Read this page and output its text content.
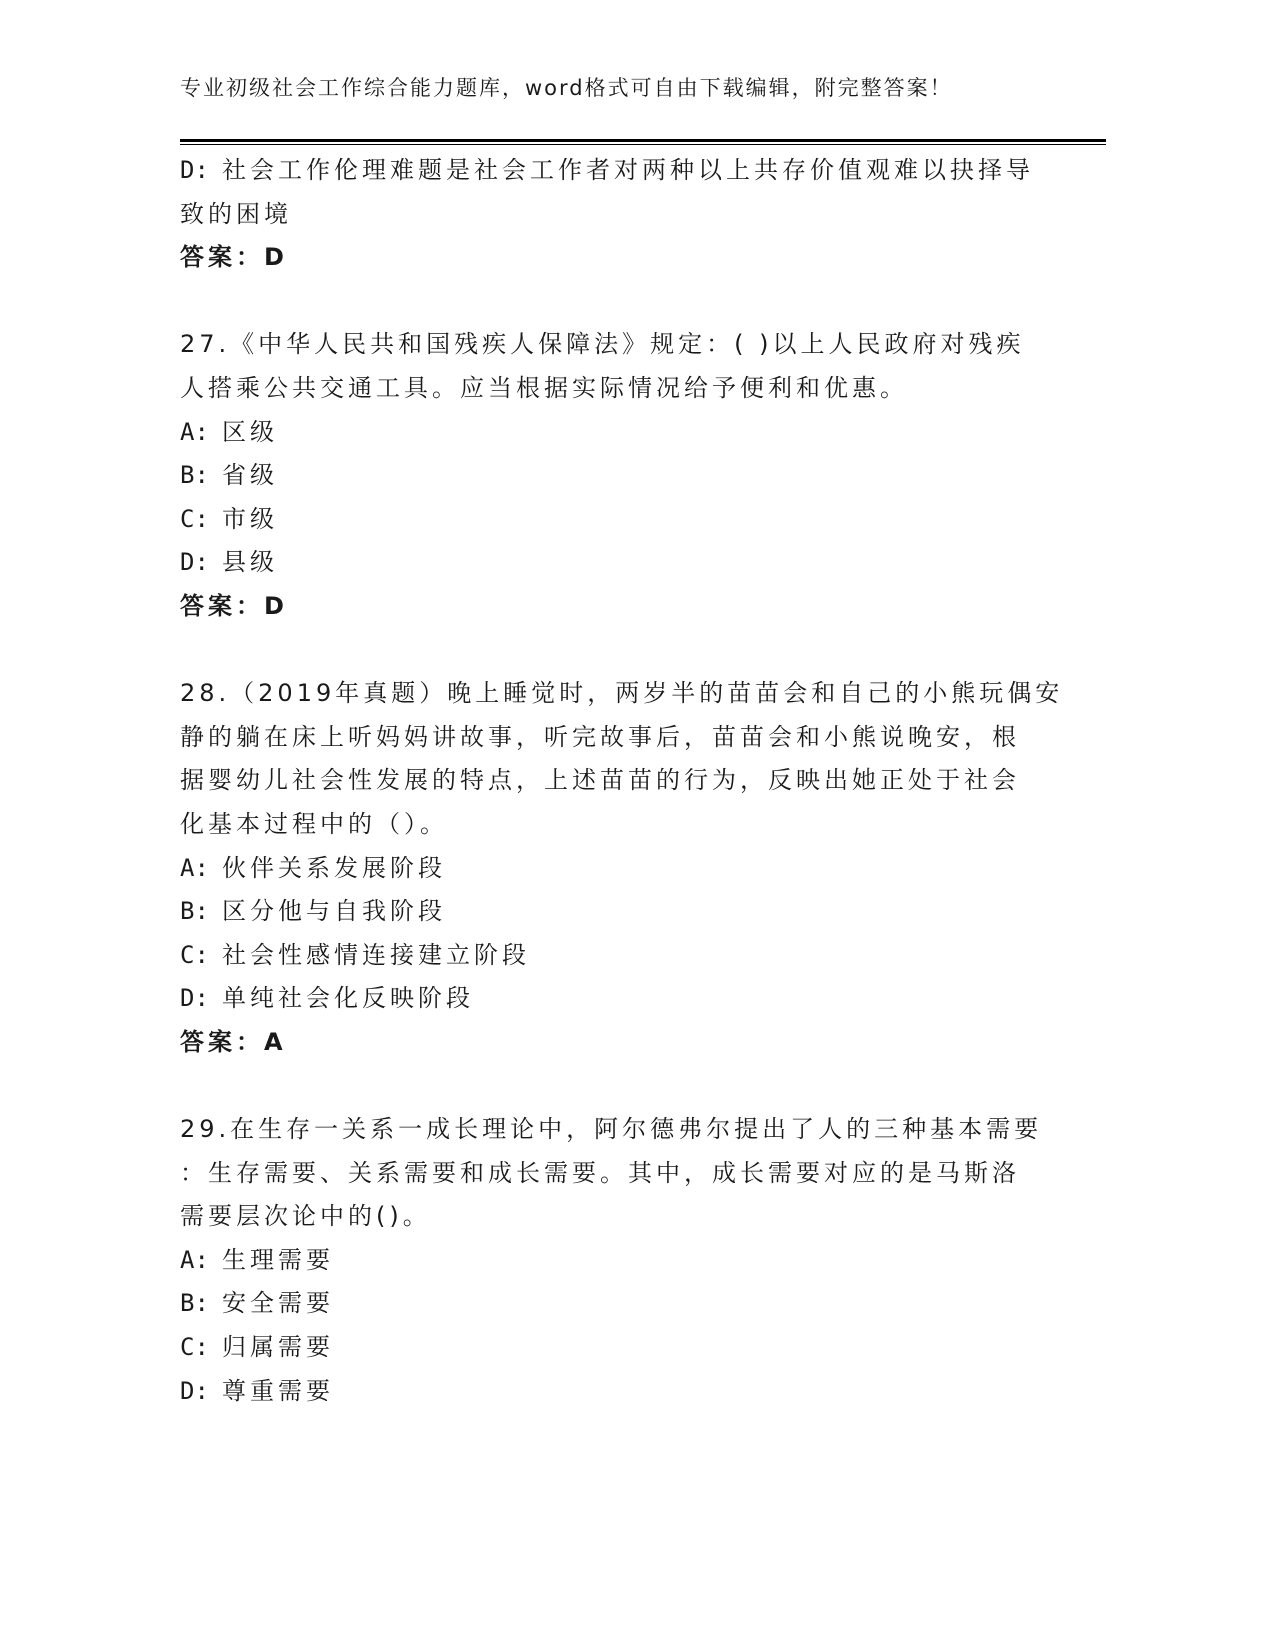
专业初级社会工作综合能力题库，word格式可自由下载编辑，附完整答案！
D: 社会工作伦理难题是社会工作者对两种以上共存价值观难以抉择导
致的困境
答案：D
27.《中华人民共和国残疾人保障法》规定：( )以上人民政府对残疾
人搭乘公共交通工具。应当根据实际情况给予便利和优惠。
A: 区级
B: 省级
C: 市级
D: 县级
答案：D
28.（2019年真题）晚上睡觉时，两岁半的苗苗会和自己的小熊玩偶安
静的躺在床上听妈妈讲故事，听完故事后，苗苗会和小熊说晚安，根
据婴幼儿社会性发展的特点，上述苗苗的行为，反映出她正处于社会
化基本过程中的（）。
A: 伙伴关系发展阶段
B: 区分他与自我阶段
C: 社会性感情连接建立阶段
D: 单纯社会化反映阶段
答案：A
29.在生存一关系一成长理论中，阿尔德弗尔提出了人的三种基本需要
：生存需要、关系需要和成长需要。其中，成长需要对应的是马斯洛
需要层次论中的()。
A: 生理需要
B: 安全需要
C: 归属需要
D: 尊重需要
